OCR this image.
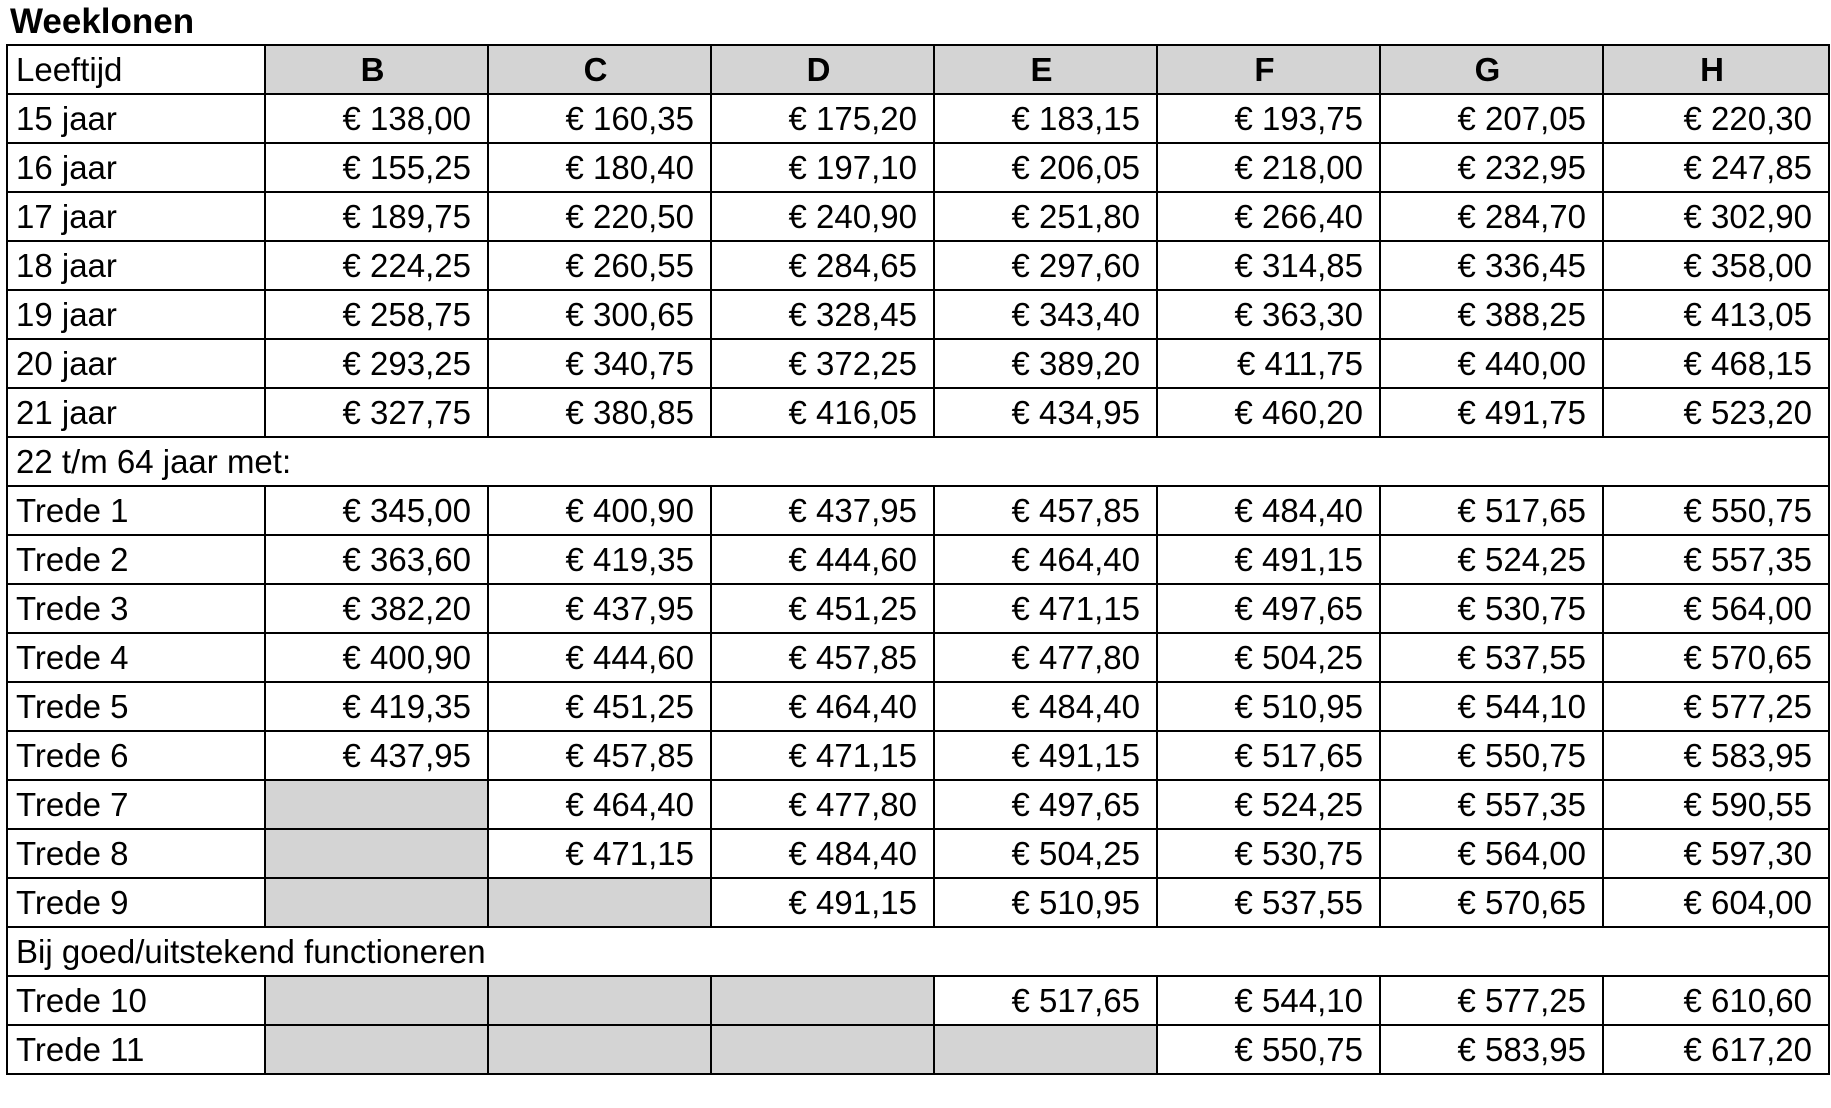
Weeklonen
Leeftijd	B	C	D	E	F	G	H
15 jaar	€ 138,00	€ 160,35	€ 175,20	€ 183,15	€ 193,75	€ 207,05	€ 220,30
16 jaar	€ 155,25	€ 180,40	€ 197,10	€ 206,05	€ 218,00	€ 232,95	€ 247,85
17 jaar	€ 189,75	€ 220,50	€ 240,90	€ 251,80	€ 266,40	€ 284,70	€ 302,90
18 jaar	€ 224,25	€ 260,55	€ 284,65	€ 297,60	€ 314,85	€ 336,45	€ 358,00
19 jaar	€ 258,75	€ 300,65	€ 328,45	€ 343,40	€ 363,30	€ 388,25	€ 413,05
20 jaar	€ 293,25	€ 340,75	€ 372,25	€ 389,20	€ 411,75	€ 440,00	€ 468,15
21 jaar	€ 327,75	€ 380,85	€ 416,05	€ 434,95	€ 460,20	€ 491,75	€ 523,20
22 t/m 64 jaar met:							
Trede 1	€ 345,00	€ 400,90	€ 437,95	€ 457,85	€ 484,40	€ 517,65	€ 550,75
Trede 2	€ 363,60	€ 419,35	€ 444,60	€ 464,40	€ 491,15	€ 524,25	€ 557,35
Trede 3	€ 382,20	€ 437,95	€ 451,25	€ 471,15	€ 497,65	€ 530,75	€ 564,00
Trede 4	€ 400,90	€ 444,60	€ 457,85	€ 477,80	€ 504,25	€ 537,55	€ 570,65
Trede 5	€ 419,35	€ 451,25	€ 464,40	€ 484,40	€ 510,95	€ 544,10	€ 577,25
Trede 6	€ 437,95	€ 457,85	€ 471,15	€ 491,15	€ 517,65	€ 550,75	€ 583,95
Trede 7		€ 464,40	€ 477,80	€ 497,65	€ 524,25	€ 557,35	€ 590,55
Trede 8		€ 471,15	€ 484,40	€ 504,25	€ 530,75	€ 564,00	€ 597,30
Trede 9			€ 491,15	€ 510,95	€ 537,55	€ 570,65	€ 604,00
Bij goed/uitstekend functioneren							
Trede 10				€ 517,65	€ 544,10	€ 577,25	€ 610,60
Trede 11					€ 550,75	€ 583,95	€ 617,20
